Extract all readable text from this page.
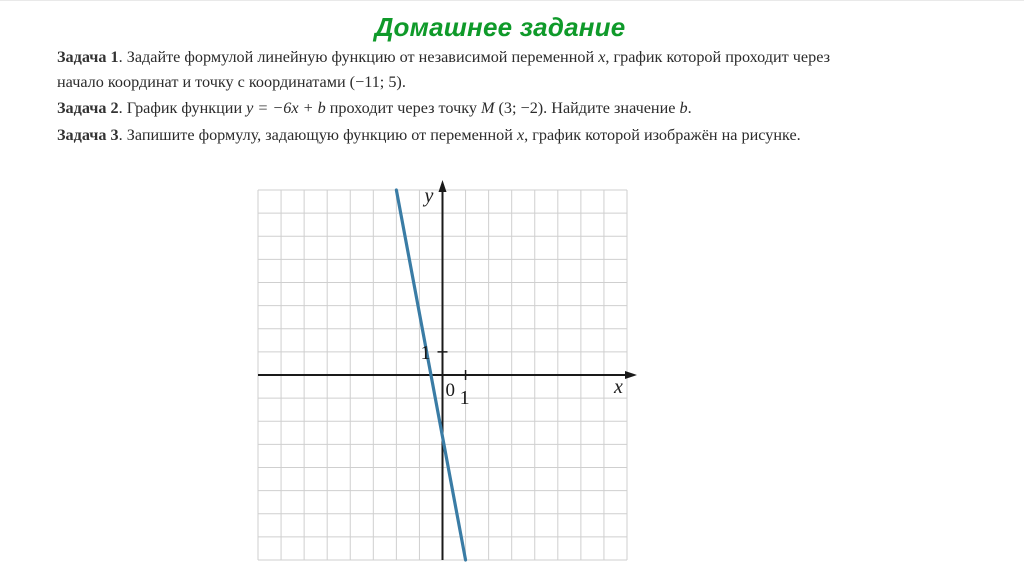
Домашнее задание

Задача 1. Задайте формулой линейную функцию от независимой переменной x, график которой проходит через начало координат и точку с координатами (−11; 5).

Задача 2. График функции y = −6x + b проходит через точку M (3; −2). Найдите значение b.

Задача 3. Запишите формулу, задающую функцию от переменной x, график которой изображён на рисунке.

y
x
0 1
1
